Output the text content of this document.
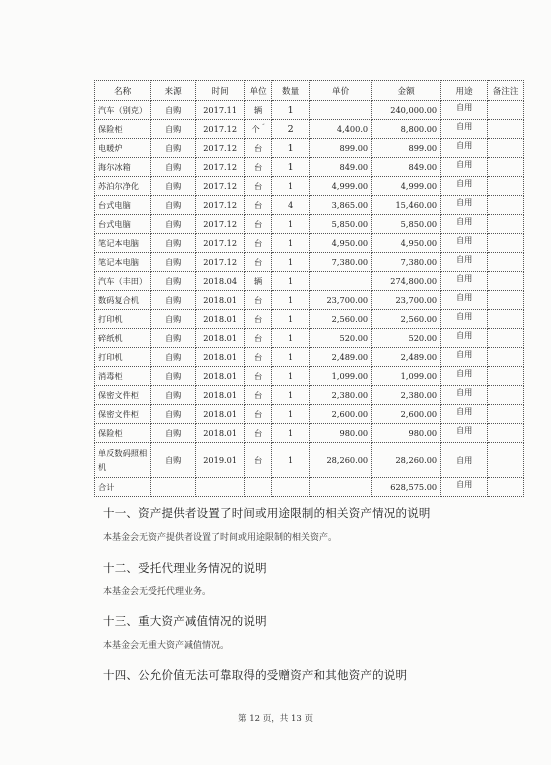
名称	来源	时间	单位	数量	单价	金额	用途	备注注
汽车（别克）	自购	2017.11	辆	1		240,000.00	自用	
保险柜	自购	2017.12	个 ˝	2	4,400.0	8,800.00	自用	
电暖炉	自购	2017.12	台	1	899.00	899.00	自用	
海尔冰箱	自购	2017.12	台	1	849.00	849.00	自用	
苏泊尔净化	自购	2017.12	台	1	4,999.00	4,999.00	自用	
台式电脑	自购	2017.12	台	4	3,865.00	15,460.00	自用	
台式电脑	自购	2017.12	台	1	5,850.00	5,850.00	自用	
笔记本电脑	自购	2017.12	台	1	4,950.00	4,950.00	自用	
笔记本电脑	自购	2017.12	台	1	7,380.00	7,380.00	自用	
汽车（丰田）	自购	2018.04	辆	1		274,800.00	自用	
数码复合机	自购	2018.01	台	1	23,700.00	23,700.00	自用	
打印机	自购	2018.01	台	1	2,560.00	2,560.00	自用	
碎纸机	自购	2018.01	台	1	520.00	520.00	自用	
打印机	自购	2018.01	台	1	2,489.00	2,489.00	自用	
消毒柜	自购	2018.01	台	1	1,099.00	1,099.00	自用	
保密文件柜	自购	2018.01	台	1	2,380.00	2,380.00	自用	
保密文件柜	自购	2018.01	台	1	2,600.00	2,600.00	自用	
保险柜	自购	2018.01	台	1	980.00	980.00	自用	
单反数码照相机	自购	2019.01	台	1	28,260.00	28,260.00	自用	
合计						628,575.00	自用	
十一、资产提供者设置了时间或用途限制的相关资产情况的说明
本基金会无资产提供者设置了时间或用途限制的相关资产。
十二、受托代理业务情况的说明
本基金会无受托代理业务。
十三、重大资产减值情况的说明
本基金会无重大资产减值情况。
十四、公允价值无法可靠取得的受赠资产和其他资产的说明
第 12 页，共 13 页
